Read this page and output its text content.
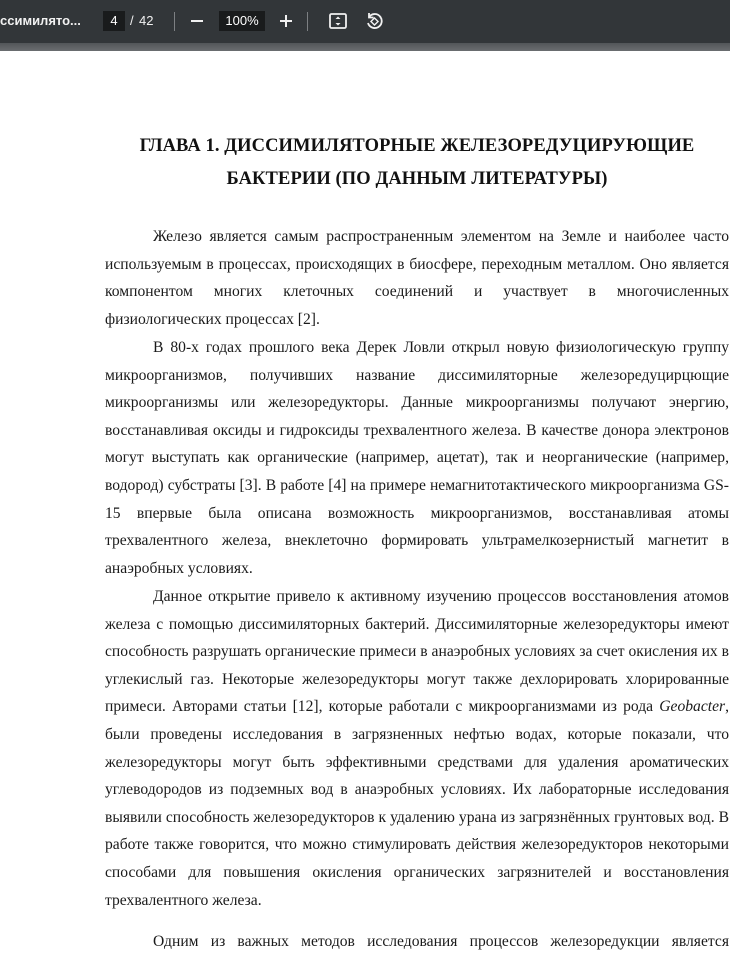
ссимилято...	4 / 42	100%
ГЛАВА 1. ДИССИМИЛЯТОРНЫЕ ЖЕЛЕЗОРЕДУЦИРУЮЩИЕ
БАКТЕРИИ (ПО ДАННЫМ ЛИТЕРАТУРЫ)

Железо является самым распространенным элементом на Земле и наиболее часто используемым в процессах, происходящих в биосфере, переходным металлом. Оно является компонентом многих клеточных соединений и участвует в многочисленных физиологических процессах [2].

В 80-х годах прошлого века Дерек Ловли открыл новую физиологическую группу микроорганизмов, получивших название диссимиляторные железоредуцирцющие микроорганизмы или железоредукторы. Данные микроорганизмы получают энергию, восстанавливая оксиды и гидроксиды трехвалентного железа. В качестве донора электронов могут выступать как органические (например, ацетат), так и неорганические (например, водород) субстраты [3]. В работе [4] на примере немагнитотактического микроорганизма GS-15 впервые была описана возможность микроорганизмов, восстанавливая атомы трехвалентного железа, внеклеточно формировать ультрамелкозернистый магнетит в анаэробных условиях.

Данное открытие привело к активному изучению процессов восстановления атомов железа с помощью диссимиляторных бактерий. Диссимиляторные железоредукторы имеют способность разрушать органические примеси в анаэробных условиях за счет окисления их в углекислый газ. Некоторые железоредукторы могут также дехлорировать хлорированные примеси. Авторами статьи [12], которые работали с микроорганизмами из рода Geobacter, были проведены исследования в загрязненных нефтью водах, которые показали, что железоредукторы могут быть эффективными средствами для удаления ароматических углеводородов из подземных вод в анаэробных условиях. Их лабораторные исследования выявили способность железоредукторов к удалению урана из загрязнённых грунтовых вод. В работе также говорится, что можно стимулировать действия железоредукторов некоторыми способами для повышения окисления органических загрязнителей и восстановления трехвалентного железа.

Одним из важных методов исследования процессов железоредукции является
